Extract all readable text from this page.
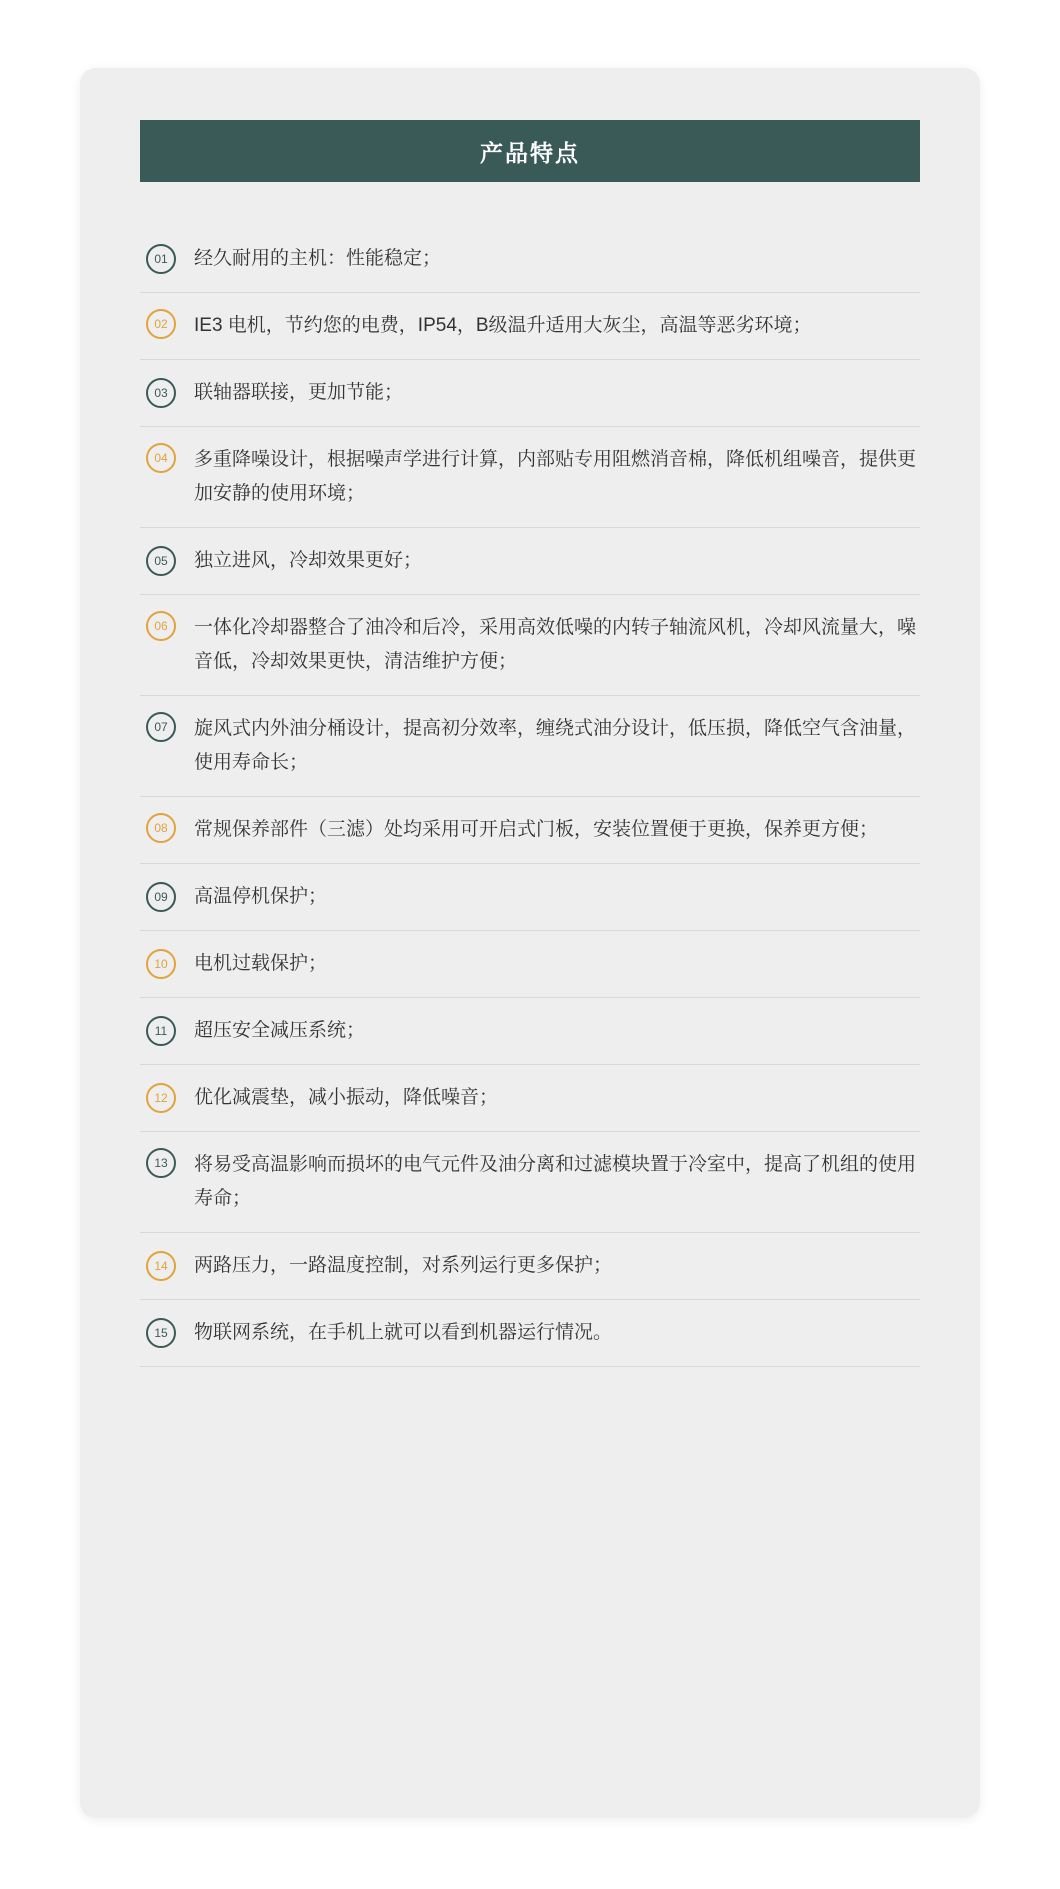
产品特点
01	经久耐用的主机：性能稳定；
02	IE3 电机，节约您的电费，IP54，B级温升适用大灰尘，高温等恶劣环境；
03	联轴器联接，更加节能；
04	多重降噪设计，根据噪声学进行计算，内部贴专用阻燃消音棉，降低机组噪音，提供更加安静的使用环境；
05	独立进风，冷却效果更好；
06	一体化冷却器整合了油冷和后冷，采用高效低噪的内转子轴流风机，冷却风流量大，噪音低，冷却效果更快，清洁维护方便；
07	旋风式内外油分桶设计，提高初分效率，缠绕式油分设计，低压损，降低空气含油量，使用寿命长；
08	常规保养部件（三滤）处均采用可开启式门板，安装位置便于更换，保养更方便；
09	高温停机保护；
10	电机过载保护；
11	超压安全减压系统；
12	优化减震垫，减小振动，降低噪音；
13	将易受高温影响而损坏的电气元件及油分离和过滤模块置于冷室中，提高了机组的使用寿命；
14	两路压力，一路温度控制，对系列运行更多保护；
15	物联网系统，在手机上就可以看到机器运行情况。
